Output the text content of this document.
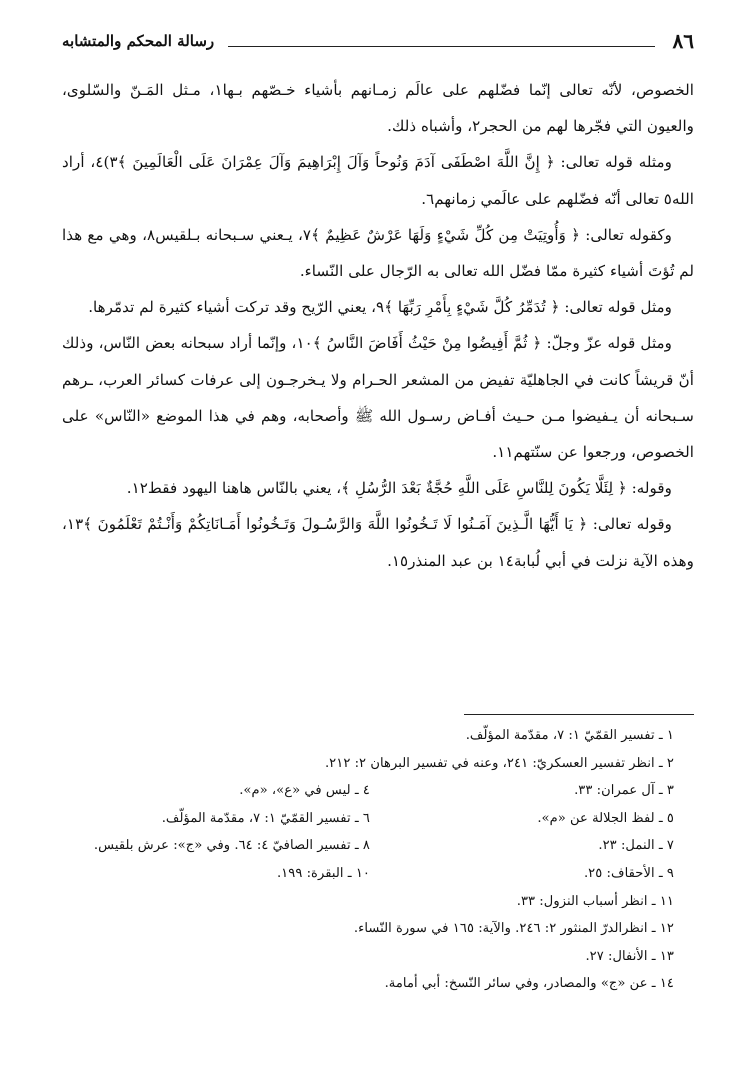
٨٦
رسالة المحكم والمتشابه

الخصوص، لأنّه تعالى إنّما فضّلهم على عالَم زمـانهم بأشياء خـصّهم بـها١، مـثل المَـنّ والسّلوى، والعيون التي فجّرها لهم من الحجر٢، وأشباه ذلك.

ومثله قوله تعالى: ﴿ إِنَّ اللَّهَ اصْطَفَى آدَمَ وَنُوحاً وَآلَ إِبْرَاهِيمَ وَآلَ عِمْرَانَ عَلَى الْعَالَمِينَ ﴾٣)٤، أراد الله٥ تعالى أنّه فضّلهم على عالَمي زمانهم٦.

وكقوله تعالى: ﴿ وَأُوتِيَتْ مِن كُلِّ شَيْءٍ وَلَهَا عَرْشٌ عَظِيمٌ ﴾٧، يـعني سـبحانه بـلقيس٨، وهي مع هذا لم تُؤتَ أشياء كثيرة ممّا فضّل الله تعالى به الرّجال على النّساء.

ومثل قوله تعالى: ﴿ تُدَمِّرُ كُلَّ شَيْءٍ بِأَمْرِ رَبِّهَا ﴾٩، يعني الرّيح وقد تركت أشياء كثيرة لم تدمّرها.

ومثل قوله عزّ وجلّ: ﴿ ثُمَّ أَفِيضُوا مِنْ حَيْثُ أَفَاضَ النَّاسُ ﴾١٠، وإنّما أراد سبحانه بعض النّاس، وذلك أنّ قريشاً كانت في الجاهليّة تفيض من المشعر الحـرام ولا يـخرجـون إلى عرفات كسائر العرب، ـرهم سـبحانه أن يـفيضوا مـن حـيث أفـاض رسـول الله ﷺ وأصحابه، وهم في هذا الموضع «النّاس» على الخصوص، ورجعوا عن سنّتهم١١.

وقوله: ﴿ لِئَلَّا يَكُونَ لِلنَّاسِ عَلَى اللَّهِ حُجَّةٌ بَعْدَ الرُّسُلِ ﴾، يعني بالنّاس هاهنا اليهود فقط١٢.

وقوله تعالى: ﴿ يَا أَيُّهَا الَّـذِينَ آمَـنُوا لَا تَـخُونُوا اللَّهَ وَالرَّسُـولَ وَتَـخُونُوا أَمَـانَاتِكُمْ وَأَنْـتُمْ تَعْلَمُونَ ﴾١٣، وهذه الآية نزلت في أبي لُبابة١٤ بن عبد المنذر١٥.

١ ـ تفسير القمّيّ ١: ٧، مقدّمة المؤلّف.
٢ ـ انظر تفسير العسكريّ: ٢٤١، وعنه في تفسير البرهان ٢: ٢١٢.
٣ ـ آل عمران: ٣٣.
٤ ـ ليس في «ع»، «م».
٥ ـ لفظ الجلالة عن «م».
٦ ـ تفسير القمّيّ ١: ٧، مقدّمة المؤلّف.
٧ ـ النمل: ٢٣.
٨ ـ تفسير الصافيّ ٤: ٦٤. وفي «ج»: عرش بلقيس.
٩ ـ الأحقاف: ٢٥.
١٠ ـ البقرة: ١٩٩.
١١ ـ انظر أسباب النزول: ٣٣.
١٢ ـ انظرالدرّ المنثور ٢: ٢٤٦. والآية: ١٦٥ في سورة النّساء.
١٣ ـ الأنفال: ٢٧.
١٤ ـ عن «ج» والمصادر، وفي سائر النّسخ: أبي أمامة.
